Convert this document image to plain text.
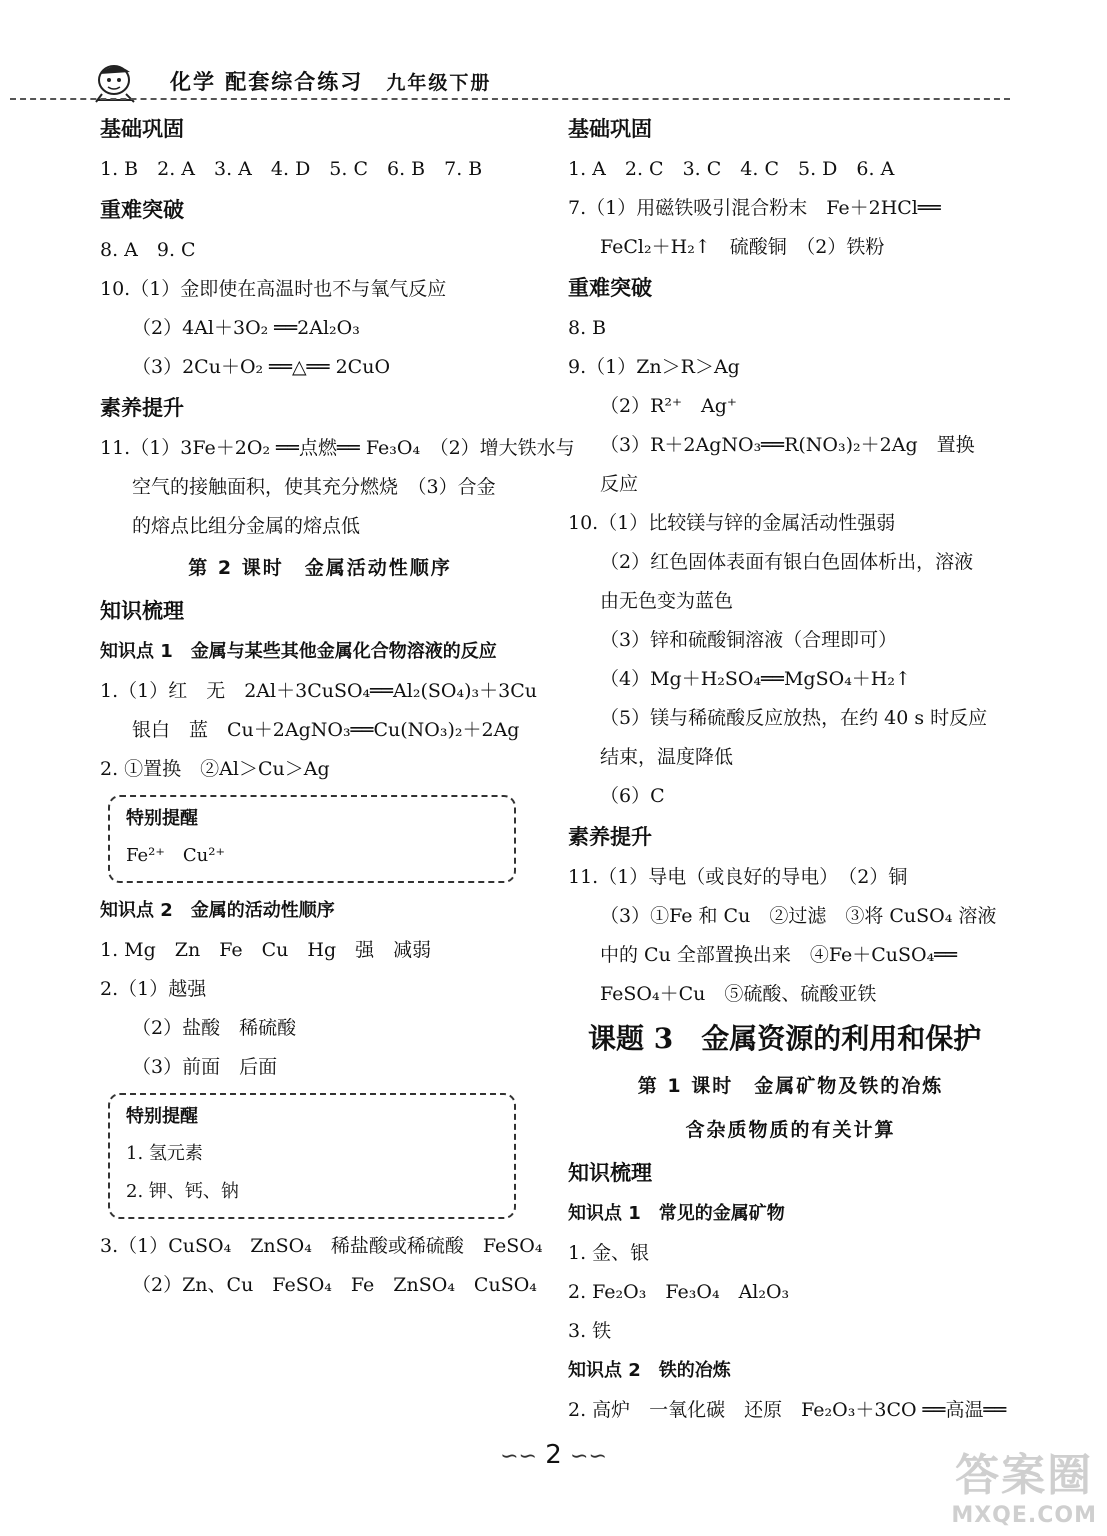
化学 配套综合练习　 九年级下册
基础巩固
1. B　2. A　3. A　4. D　5. C　6. B　7. B
重难突破
8. A　9. C
10.（1）金即使在高温时也不与氧气反应
（2）4Al＋3O₂ ══2Al₂O₃
（3）2Cu＋O₂ ══△══ 2CuO
素养提升
11.（1）3Fe＋2O₂ ══点燃══ Fe₃O₄　（2）增大铁水与
空气的接触面积，使其充分燃烧　（3）合金
的熔点比组分金属的熔点低
第 2 课时　金属活动性顺序
知识梳理
知识点 1　金属与某些其他金属化合物溶液的反应
1.（1）红　无　2Al＋3CuSO₄══Al₂(SO₄)₃＋3Cu
银白　蓝　Cu＋2AgNO₃══Cu(NO₃)₂＋2Ag
2. ①置换　②Al＞Cu＞Ag
特别提醒
Fe²⁺　Cu²⁺
知识点 2　金属的活动性顺序
1. Mg　Zn　Fe　Cu　Hg　强　减弱
2.（1）越强
（2）盐酸　稀硫酸
（3）前面　后面
特别提醒
1. 氢元素
2. 钾、钙、钠
3.（1）CuSO₄　ZnSO₄　稀盐酸或稀硫酸　FeSO₄
（2）Zn、Cu　FeSO₄　Fe　ZnSO₄　CuSO₄
基础巩固
1. A　2. C　3. C　4. C　5. D　6. A
7.（1）用磁铁吸引混合粉末　Fe＋2HCl══
FeCl₂＋H₂↑　硫酸铜　（2）铁粉
重难突破
8. B
9.（1）Zn＞R＞Ag
（2）R²⁺　Ag⁺
（3）R＋2AgNO₃══R(NO₃)₂＋2Ag　置换
反应
10.（1）比较镁与锌的金属活动性强弱
（2）红色固体表面有银白色固体析出，溶液
由无色变为蓝色
（3）锌和硫酸铜溶液（合理即可）
（4）Mg＋H₂SO₄══MgSO₄＋H₂↑
（5）镁与稀硫酸反应放热，在约 40 s 时反应
结束，温度降低
（6）C
素养提升
11.（1）导电（或良好的导电）　（2）铜
（3）①Fe 和 Cu　②过滤　③将 CuSO₄ 溶液
中的 Cu 全部置换出来　④Fe＋CuSO₄══
FeSO₄＋Cu　⑤硫酸、硫酸亚铁
课题 3　金属资源的利用和保护
第 1 课时　金属矿物及铁的冶炼
含杂质物质的有关计算
知识梳理
知识点 1　常见的金属矿物
1. 金、银
2. Fe₂O₃　Fe₃O₄　Al₂O₃
3. 铁
知识点 2　铁的冶炼
2. 高炉　一氧化碳　还原　Fe₂O₃＋3CO ══高温══
∽∽ 2 ∽∽	答案圈
MXQE.COM
